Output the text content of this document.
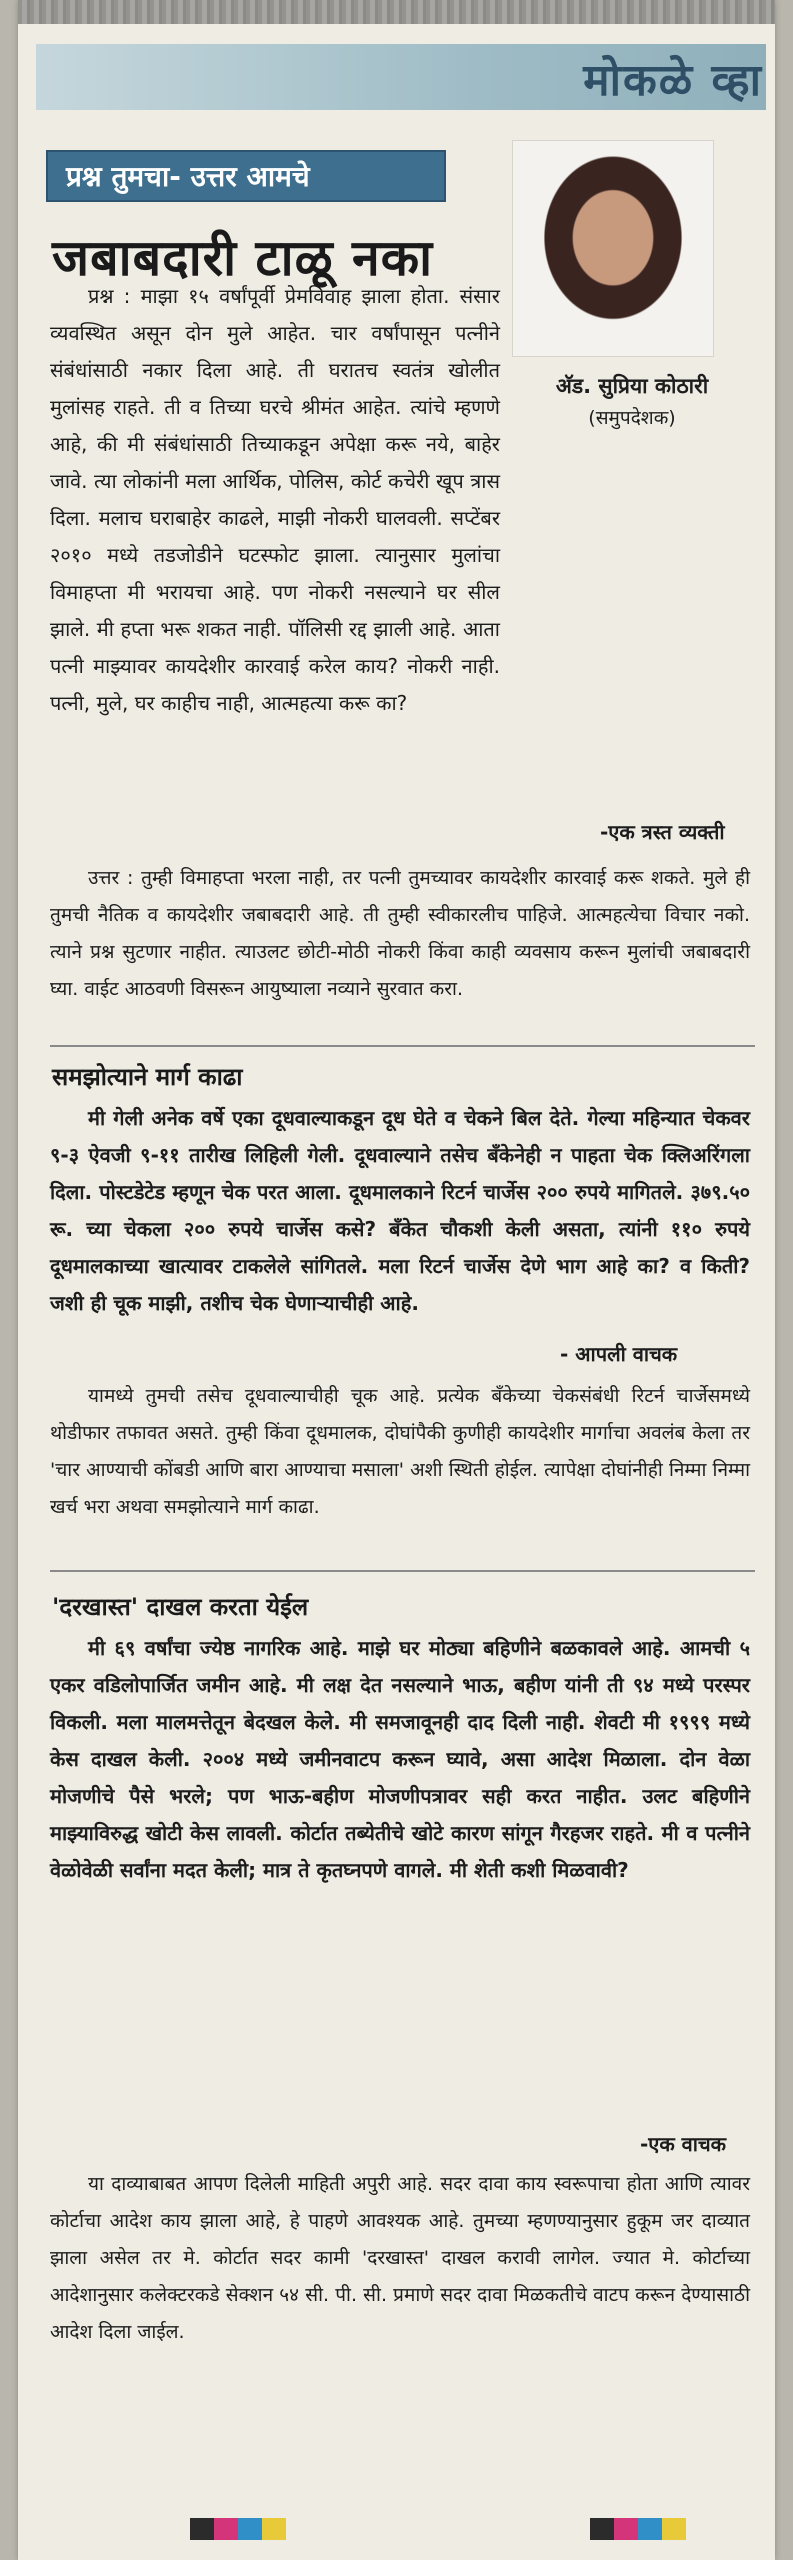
मोकळे व्हा
प्रश्न तुमचा- उत्तर आमचे
जबाबदारी टाळू नका
अ‍ॅड. सुप्रिया कोठारी
(समुपदेशक)

प्रश्न : माझा १५ वर्षांपूर्वी प्रेमविवाह झाला होता. संसार व्यवस्थित असून दोन मुले आहेत. चार वर्षांपासून पत्नीने संबंधांसाठी नकार दिला आहे. ती घरातच स्वतंत्र खोलीत मुलांसह राहते. ती व तिच्या घरचे श्रीमंत आहेत. त्यांचे म्हणणे आहे, की मी संबंधांसाठी तिच्याकडून अपेक्षा करू नये, बाहेर जावे. त्या लोकांनी मला आर्थिक, पोलिस, कोर्ट कचेरी खूप त्रास दिला. मलाच घराबाहेर काढले, माझी नोकरी घालवली. सप्टेंबर २०१० मध्ये तडजोडीने घटस्फोट झाला. त्यानुसार मुलांचा विमाहप्ता मी भरायचा आहे. पण नोकरी नसल्याने घर सील झाले. मी हप्ता भरू शकत नाही. पॉलिसी रद्द झाली आहे. आता पत्नी माझ्यावर कायदेशीर कारवाई करेल काय? नोकरी नाही. पत्नी, मुले, घर काहीच नाही, आत्महत्या करू का?

-एक त्रस्त व्यक्ती

उत्तर : तुम्ही विमाहप्ता भरला नाही, तर पत्नी तुमच्यावर कायदेशीर कारवाई करू शकते. मुले ही तुमची नैतिक व कायदेशीर जबाबदारी आहे. ती तुम्ही स्वीकारलीच पाहिजे. आत्महत्येचा विचार नको. त्याने प्रश्न सुटणार नाहीत. त्याउलट छोटी-मोठी नोकरी किंवा काही व्यवसाय करून मुलांची जबाबदारी घ्या. वाईट आठवणी विसरून आयुष्याला नव्याने सुरवात करा.

समझोत्याने मार्ग काढा

मी गेली अनेक वर्षे एका दूधवाल्याकडून दूध घेते व चेकने बिल देते. गेल्या महिन्यात चेकवर ९-३ ऐवजी ९-११ तारीख लिहिली गेली. दूधवाल्याने तसेच बँकेनेही न पाहता चेक क्लिअरिंगला दिला. पोस्टडेटेड म्हणून चेक परत आला. दूधमालकाने रिटर्न चार्जेस २०० रुपये मागितले. ३७९.५० रू. च्या चेकला २०० रुपये चार्जेस कसे? बँकेत चौकशी केली असता, त्यांनी ११० रुपये दूधमालकाच्या खात्यावर टाकलेले सांगितले. मला रिटर्न चार्जेस देणे भाग आहे का? व किती? जशी ही चूक माझी, तशीच चेक घेणाऱ्याचीही आहे.

- आपली वाचक

यामध्ये तुमची तसेच दूधवाल्याचीही चूक आहे. प्रत्येक बँकेच्या चेकसंबंधी रिटर्न चार्जेसमध्ये थोडीफार तफावत असते. तुम्ही किंवा दूधमालक, दोघांपैकी कुणीही कायदेशीर मार्गाचा अवलंब केला तर 'चार आण्याची कोंबडी आणि बारा आण्याचा मसाला' अशी स्थिती होईल. त्यापेक्षा दोघांनीही निम्मा निम्मा खर्च भरा अथवा समझोत्याने मार्ग काढा.

'दरखास्त' दाखल करता येईल

मी ६९ वर्षांचा ज्येष्ठ नागरिक आहे. माझे घर मोठ्या बहिणीने बळकावले आहे. आमची ५ एकर वडिलोपार्जित जमीन आहे. मी लक्ष देत नसल्याने भाऊ, बहीण यांनी ती ९४ मध्ये परस्पर विकली. मला मालमत्तेतून बेदखल केले. मी समजावूनही दाद दिली नाही. शेवटी मी १९९९ मध्ये केस दाखल केली. २००४ मध्ये जमीनवाटप करून घ्यावे, असा आदेश मिळाला. दोन वेळा मोजणीचे पैसे भरले; पण भाऊ-बहीण मोजणीपत्रावर सही करत नाहीत. उलट बहिणीने माझ्याविरुद्ध खोटी केस लावली. कोर्टात तब्येतीचे खोटे कारण सांगून गैरहजर राहते. मी व पत्नीने वेळोवेळी सर्वांना मदत केली; मात्र ते कृतघ्नपणे वागले. मी शेती कशी मिळवावी?

-एक वाचक

या दाव्याबाबत आपण दिलेली माहिती अपुरी आहे. सदर दावा काय स्वरूपाचा होता आणि त्यावर कोर्टाचा आदेश काय झाला आहे, हे पाहणे आवश्यक आहे. तुमच्या म्हणण्यानुसार हुकूम जर दाव्यात झाला असेल तर मे. कोर्टात सदर कामी 'दरखास्त' दाखल करावी लागेल. ज्यात मे. कोर्टाच्या आदेशानुसार कलेक्टरकडे सेक्शन ५४ सी. पी. सी. प्रमाणे सदर दावा मिळकतीचे वाटप करून देण्यासाठी आदेश दिला जाईल.
